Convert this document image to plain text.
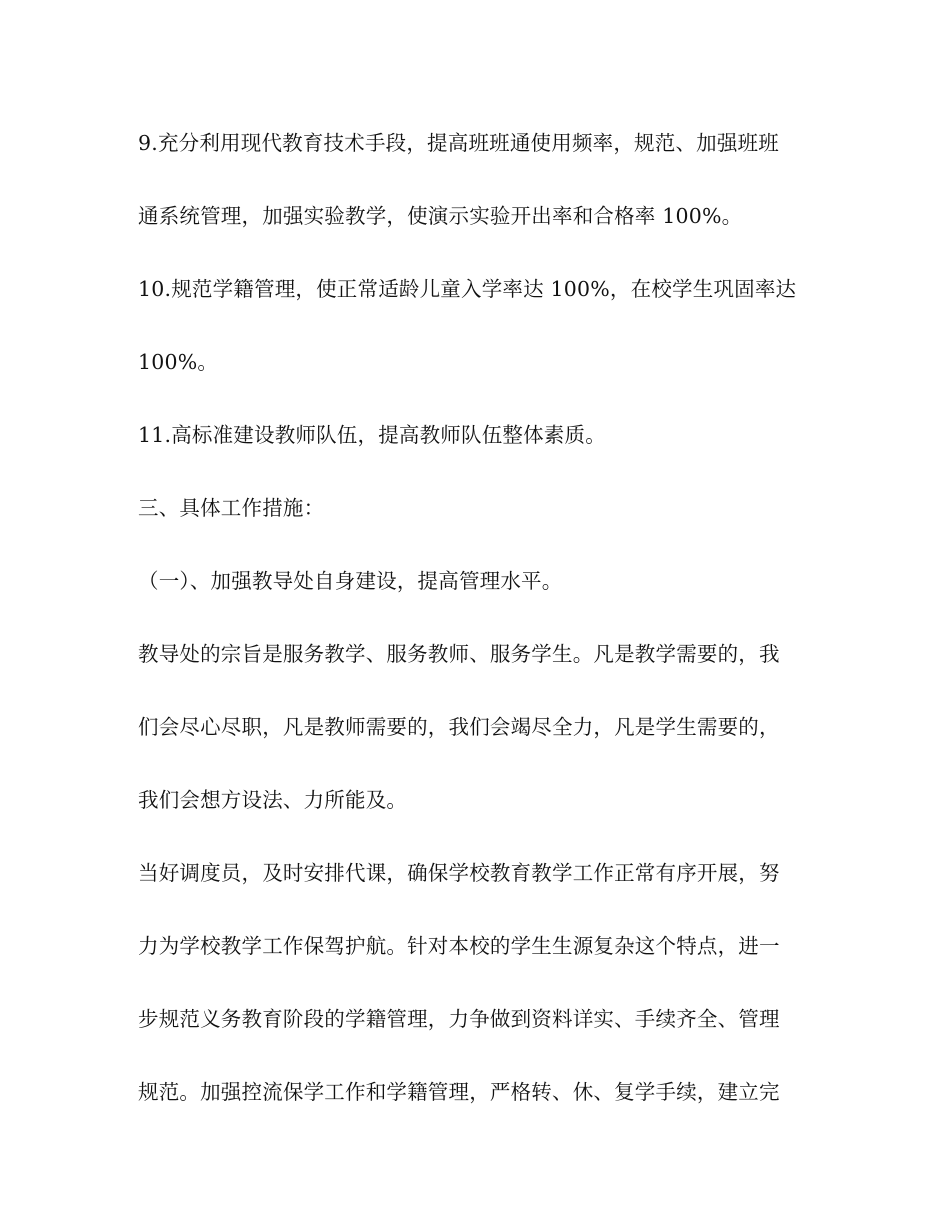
9.充分利用现代教育技术手段，提高班班通使用频率，规范、加强班班

通系统管理，加强实验教学，使演示实验开出率和合格率 100%。

10.规范学籍管理，使正常适龄儿童入学率达 100%，在校学生巩固率达

100%。

11.高标准建设教师队伍，提高教师队伍整体素质。

三、具体工作措施：

（一）、加强教导处自身建设，提高管理水平。

教导处的宗旨是服务教学、服务教师、服务学生。凡是教学需要的，我

们会尽心尽职，凡是教师需要的，我们会竭尽全力，凡是学生需要的，

我们会想方设法、力所能及。

当好调度员，及时安排代课，确保学校教育教学工作正常有序开展，努

力为学校教学工作保驾护航。针对本校的学生生源复杂这个特点，进一

步规范义务教育阶段的学籍管理，力争做到资料详实、手续齐全、管理

规范。加强控流保学工作和学籍管理，严格转、休、复学手续，建立完
